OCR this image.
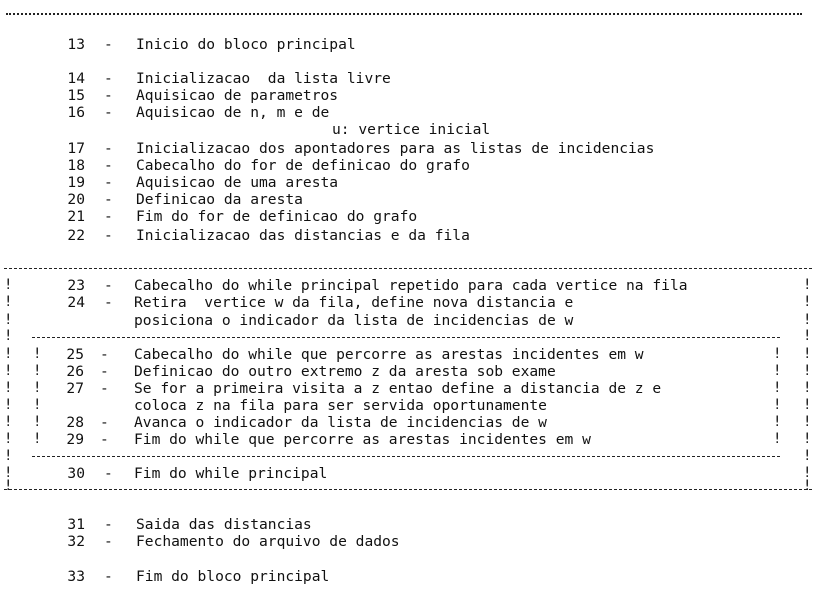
!	!
!	!
!	!
!	!
!	!
!	!
!	!
!	!
!	!
!	!
!	!
!	!
!	!
!	!
!	!
!	!
!	!
!	!
!	!
13 - Inicio do bloco principal
14 - Inicializacao  da lista livre
15 - Aquisicao de parametros
16 - Aquisicao de n, m e de
u: vertice inicial
17 - Inicializacao dos apontadores para as listas de incidencias
18 - Cabecalho do for de definicao do grafo
19 - Aquisicao de uma aresta
20 - Definicao da aresta
21 - Fim do for de definicao do grafo
22 - Inicializacao das distancias e da fila
23 - Cabecalho do while principal repetido para cada vertice na fila
24 - Retira  vertice w da fila, define nova distancia e
posiciona o indicador da lista de incidencias de w
25 - Cabecalho do while que percorre as arestas incidentes em w
26 - Definicao do outro extremo z da aresta sob exame
27 - Se for a primeira visita a z entao define a distancia de z e
coloca z na fila para ser servida oportunamente
28 - Avanca o indicador da lista de incidencias de w
29 - Fim do while que percorre as arestas incidentes em w
30 - Fim do while principal
31 - Saida das distancias
32 - Fechamento do arquivo de dados
33 - Fim do bloco principal
